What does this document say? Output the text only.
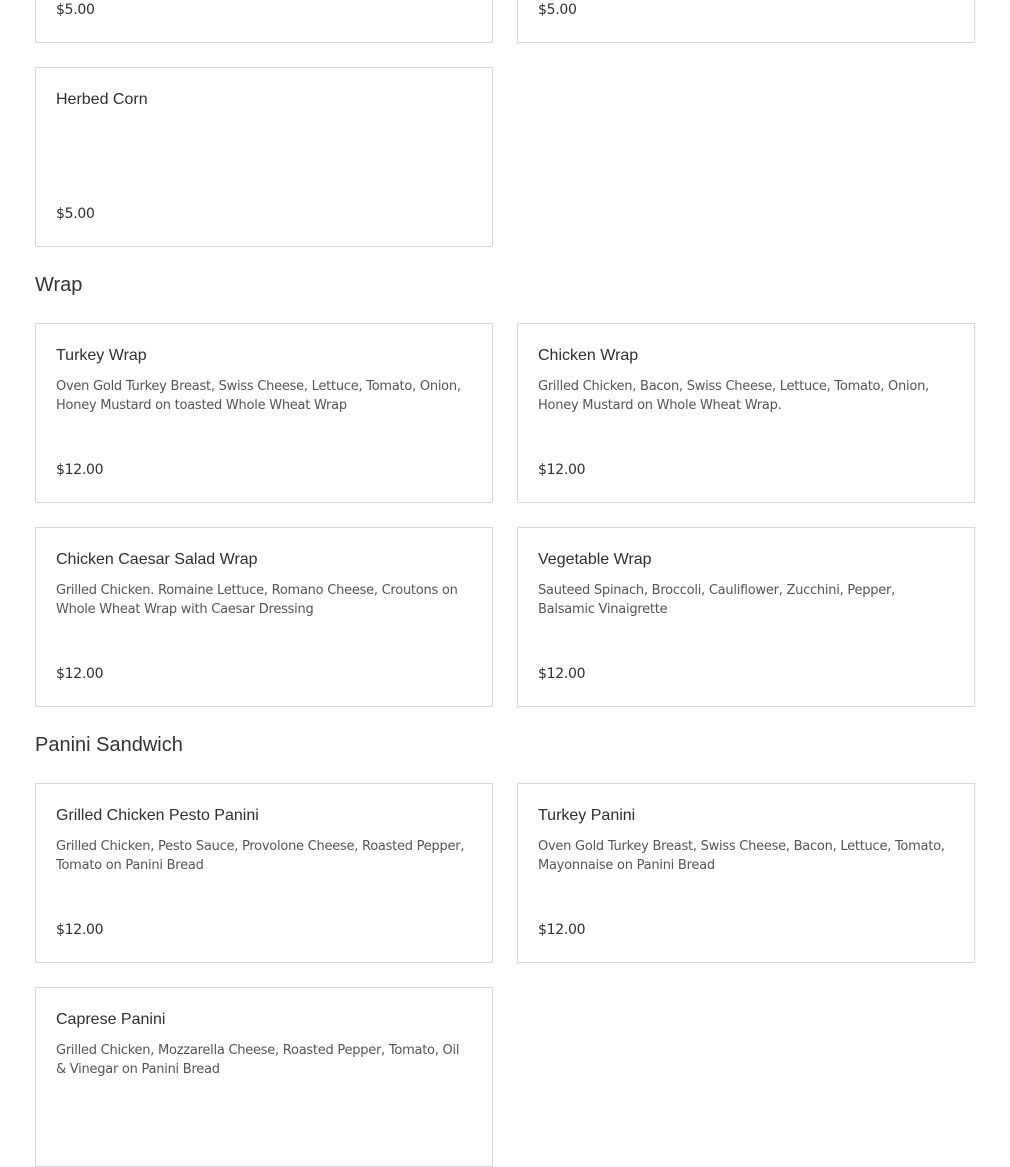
$5.00	$5.00
Herbed Corn
$5.00
Wrap
Turkey Wrap
Oven Gold Turkey Breast, Swiss Cheese, Lettuce, Tomato, Onion, Honey Mustard on toasted Whole Wheat Wrap
$12.00
Chicken Wrap
Grilled Chicken, Bacon, Swiss Cheese, Lettuce, Tomato, Onion, Honey Mustard on Whole Wheat Wrap.
$12.00
Chicken Caesar Salad Wrap
Grilled Chicken. Romaine Lettuce, Romano Cheese, Croutons on Whole Wheat Wrap with Caesar Dressing
$12.00
Vegetable Wrap
Sauteed Spinach, Broccoli, Cauliflower, Zucchini, Pepper, Balsamic Vinaigrette
$12.00
Panini Sandwich
Grilled Chicken Pesto Panini
Grilled Chicken, Pesto Sauce, Provolone Cheese, Roasted Pepper, Tomato on Panini Bread
$12.00
Turkey Panini
Oven Gold Turkey Breast, Swiss Cheese, Bacon, Lettuce, Tomato, Mayonnaise on Panini Bread
$12.00
Caprese Panini
Grilled Chicken, Mozzarella Cheese, Roasted Pepper, Tomato, Oil & Vinegar on Panini Bread
